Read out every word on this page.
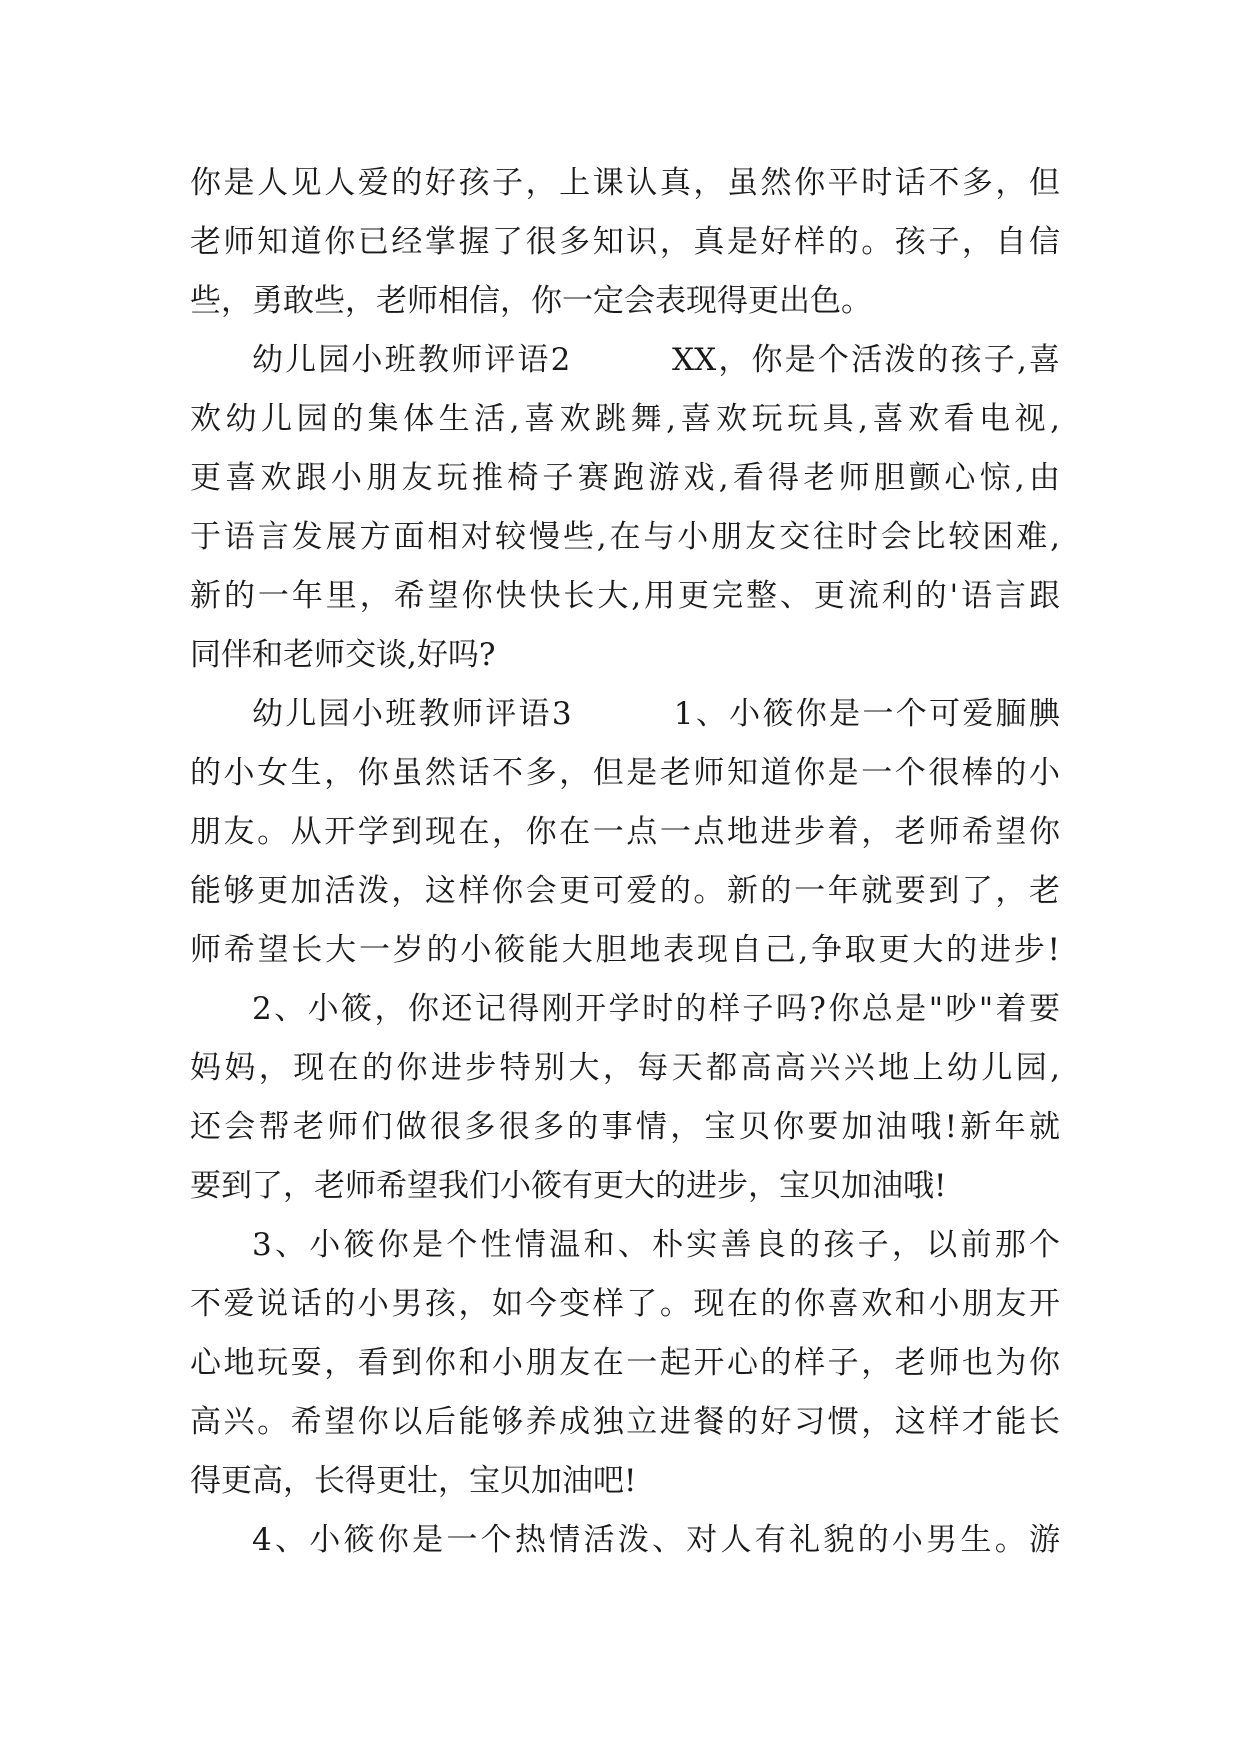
你是人见人爱的好孩子，上课认真，虽然你平时话不多，但
老师知道你已经掌握了很多知识，真是好样的。孩子，自信
些，勇敢些，老师相信，你一定会表现得更出色。
幼儿园小班教师评语2　　　XX，你是个活泼的孩子,喜
欢幼儿园的集体生活,喜欢跳舞,喜欢玩玩具,喜欢看电视,
更喜欢跟小朋友玩推椅子赛跑游戏,看得老师胆颤心惊,由
于语言发展方面相对较慢些,在与小朋友交往时会比较困难,
新的一年里，希望你快快长大,用更完整、更流利的'语言跟
同伴和老师交谈,好吗?
幼儿园小班教师评语3　　　1、小筱你是一个可爱腼腆
的小女生，你虽然话不多，但是老师知道你是一个很棒的小
朋友。从开学到现在，你在一点一点地进步着，老师希望你
能够更加活泼，这样你会更可爱的。新的一年就要到了，老
师希望长大一岁的小筱能大胆地表现自己,争取更大的进步!
2、小筱，你还记得刚开学时的样子吗?你总是"吵"着要
妈妈，现在的你进步特别大，每天都高高兴兴地上幼儿园,
还会帮老师们做很多很多的事情，宝贝你要加油哦!新年就
要到了，老师希望我们小筱有更大的进步，宝贝加油哦!
3、小筱你是个性情温和、朴实善良的孩子，以前那个
不爱说话的小男孩，如今变样了。现在的你喜欢和小朋友开
心地玩耍，看到你和小朋友在一起开心的样子，老师也为你
高兴。希望你以后能够养成独立进餐的好习惯，这样才能长
得更高，长得更壮，宝贝加油吧!
4、小筱你是一个热情活泼、对人有礼貌的小男生。游
